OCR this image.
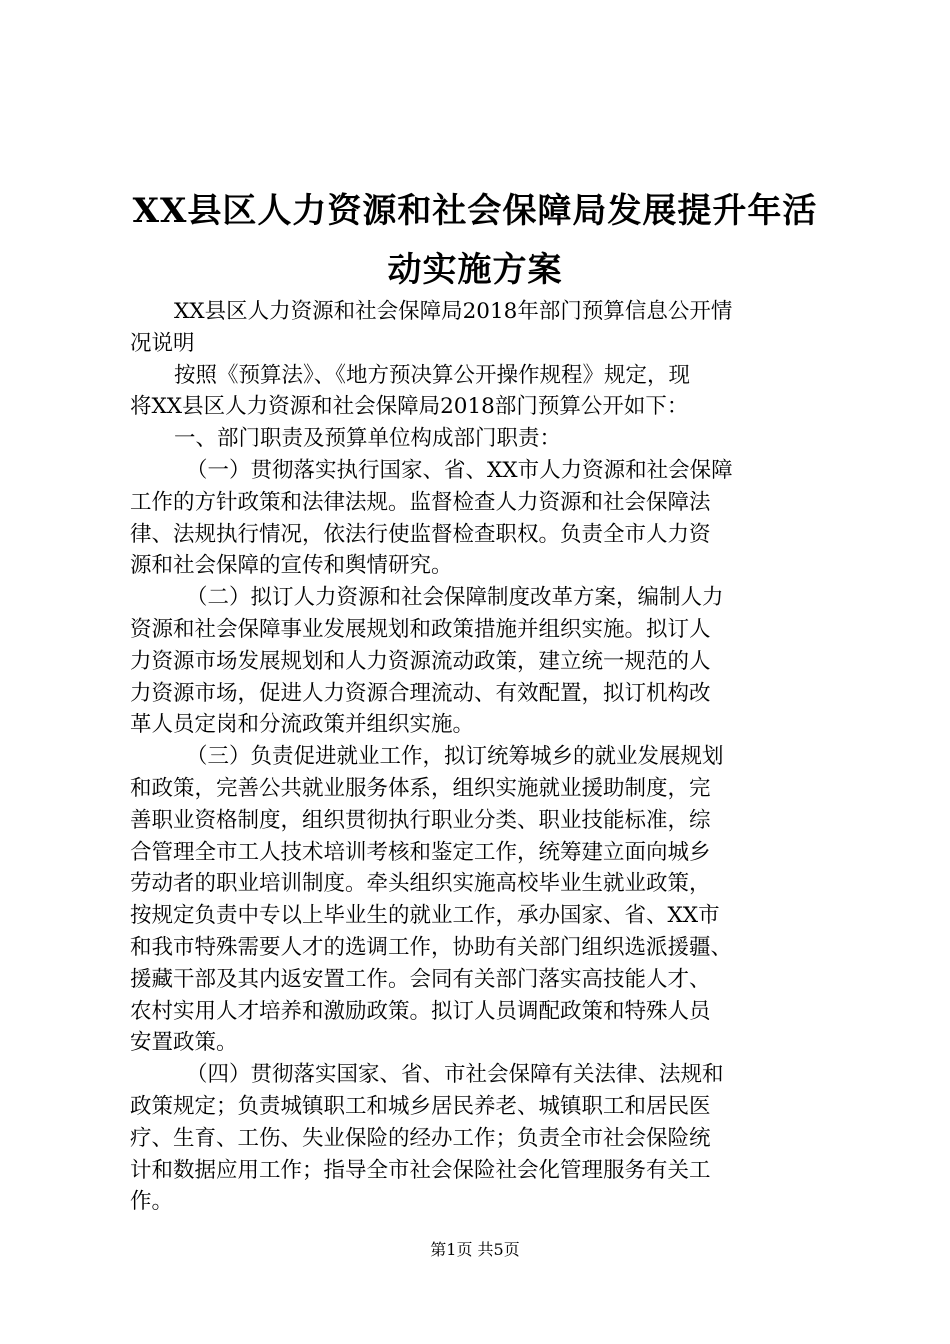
XX县区人力资源和社会保障局发展提升年活
动实施方案
XX县区人力资源和社会保障局2018年部门预算信息公开情
况说明
按照《预算法》、《地方预决算公开操作规程》规定，现
将XX县区人力资源和社会保障局2018部门预算公开如下：
一、部门职责及预算单位构成部门职责：
（一）贯彻落实执行国家、省、XX市人力资源和社会保障
工作的方针政策和法律法规。监督检查人力资源和社会保障法
律、法规执行情况，依法行使监督检查职权。负责全市人力资
源和社会保障的宣传和舆情研究。
（二）拟订人力资源和社会保障制度改革方案，编制人力
资源和社会保障事业发展规划和政策措施并组织实施。拟订人
力资源市场发展规划和人力资源流动政策，建立统一规范的人
力资源市场，促进人力资源合理流动、有效配置，拟订机构改
革人员定岗和分流政策并组织实施。
（三）负责促进就业工作，拟订统筹城乡的就业发展规划
和政策，完善公共就业服务体系，组织实施就业援助制度，完
善职业资格制度，组织贯彻执行职业分类、职业技能标准，综
合管理全市工人技术培训考核和鉴定工作，统筹建立面向城乡
劳动者的职业培训制度。牵头组织实施高校毕业生就业政策，
按规定负责中专以上毕业生的就业工作，承办国家、省、XX市
和我市特殊需要人才的选调工作，协助有关部门组织选派援疆、
援藏干部及其内返安置工作。会同有关部门落实高技能人才、
农村实用人才培养和激励政策。拟订人员调配政策和特殊人员
安置政策。
（四）贯彻落实国家、省、市社会保障有关法律、法规和
政策规定；负责城镇职工和城乡居民养老、城镇职工和居民医
疗、生育、工伤、失业保险的经办工作；负责全市社会保险统
计和数据应用工作；指导全市社会保险社会化管理服务有关工
作。
第1页 共5页
